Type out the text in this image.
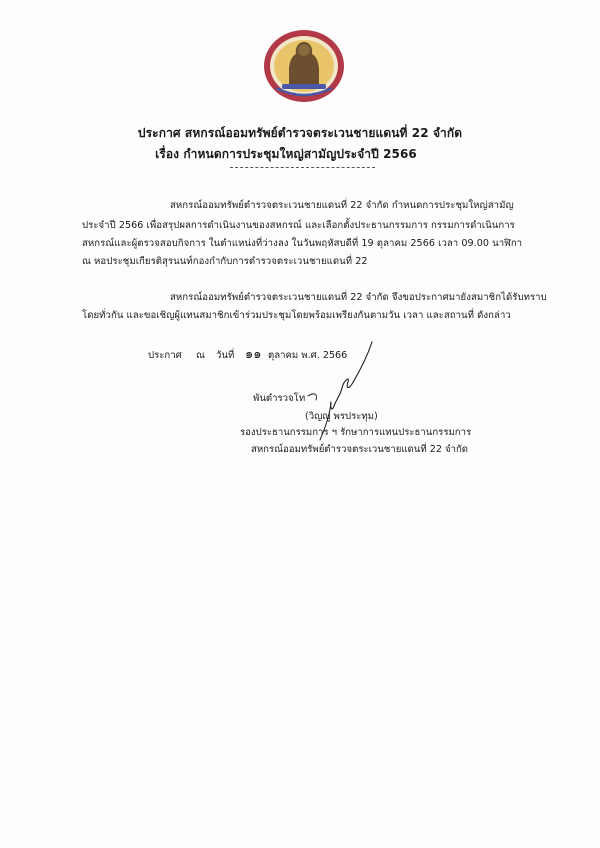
ประกาศ สหกรณ์ออมทรัพย์ตำรวจตระเวนชายแดนที่ 22 จำกัด
เรื่อง กำหนดการประชุมใหญ่สามัญประจำปี 2566
สหกรณ์ออมทรัพย์ตำรวจตระเวนชายแดนที่ 22 จำกัด กำหนดการประชุมใหญ่สามัญ
ประจำปี 2566 เพื่อสรุปผลการดำเนินงานของสหกรณ์ และเลือกตั้งประธานกรรมการ กรรมการดำเนินการ
สหกรณ์และผู้ตรวจสอบกิจการ ในตำแหน่งที่ว่างลง ในวันพฤหัสบดีที่ 19 ตุลาคม 2566 เวลา 09.00 นาฬิกา
ณ หอประชุมเกียรติสุรนนท์กองกำกับการตำรวจตระเวนชายแดนที่ 22
สหกรณ์ออมทรัพย์ตำรวจตระเวนชายแดนที่ 22 จำกัด จึงขอประกาศมายังสมาชิกได้รับทราบ
โดยทั่วกัน และขอเชิญผู้แทนสมาชิกเข้าร่วมประชุมโดยพร้อมเพรียงกันตามวัน เวลา และสถานที่ ดังกล่าว
ประกาศ ณ วันที่ ๑๑ ตุลาคม พ.ศ. 2566
พันตำรวจโท
(วิญญู พรประทุม)
รองประธานกรรมการ ฯ รักษาการแทนประธานกรรมการ
สหกรณ์ออมทรัพย์ตำรวจตระเวนชายแดนที่ 22 จำกัด
